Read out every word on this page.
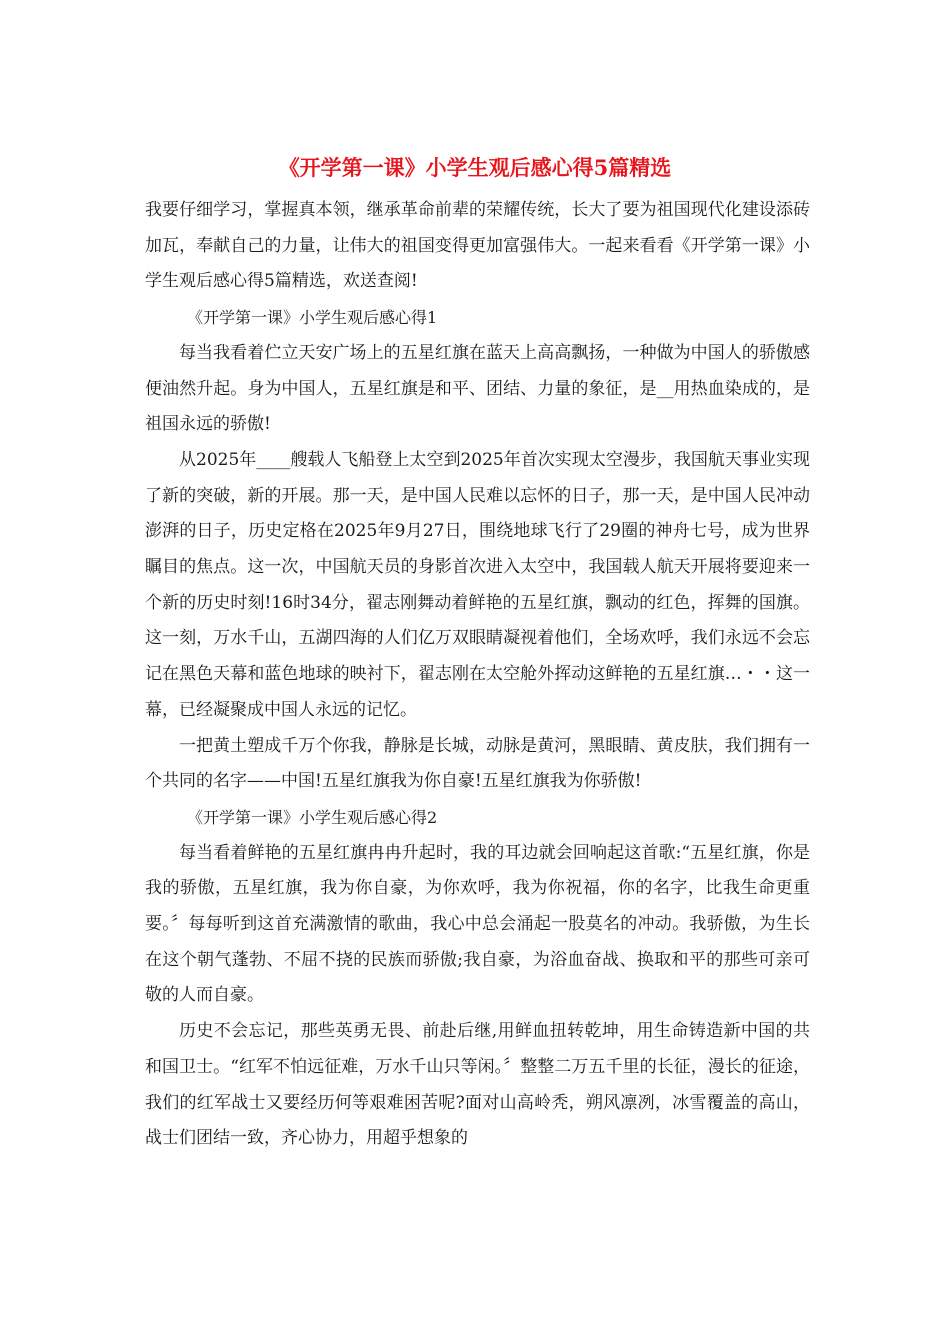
《开学第一课》小学生观后感心得5篇精选

我要仔细学习，掌握真本领，继承革命前辈的荣耀传统，长大了要为祖国现代化建设添砖加瓦，奉献自己的力量，让伟大的祖国变得更加富强伟大。一起来看看《开学第一课》小学生观后感心得5篇精选，欢送查阅!

《开学第一课》小学生观后感心得1

每当我看着伫立天安广场上的五星红旗在蓝天上高高飘扬，一种做为中国人的骄傲感便油然升起。身为中国人，五星红旗是和平、团结、力量的象征，是__用热血染成的，是祖国永远的骄傲!

从2025年____艘载人飞船登上太空到2025年首次实现太空漫步，我国航天事业实现了新的突破，新的开展。那一天，是中国人民难以忘怀的日子，那一天，是中国人民冲动澎湃的日子，历史定格在2025年9月27日，围绕地球飞行了29圈的神舟七号，成为世界瞩目的焦点。这一次，中国航天员的身影首次进入太空中，我国载人航天开展将要迎来一个新的历史时刻!16时34分，翟志刚舞动着鲜艳的五星红旗，飘动的红色，挥舞的国旗。这一刻，万水千山，五湖四海的人们亿万双眼睛凝视着他们，全场欢呼，我们永远不会忘记在黑色天幕和蓝色地球的映衬下，翟志刚在太空舱外挥动这鲜艳的五星红旗…・・这一幕，已经凝聚成中国人永远的记忆。

一把黄土塑成千万个你我，静脉是长城，动脉是黄河，黑眼睛、黄皮肤，我们拥有一个共同的名字——中国!五星红旗我为你自豪!五星红旗我为你骄傲!

《开学第一课》小学生观后感心得2

每当看着鲜艳的五星红旗冉冉升起时，我的耳边就会回响起这首歌:“五星红旗，你是我的骄傲，五星红旗，我为你自豪，为你欢呼，我为你祝福，你的名字，比我生命更重要。〞每每听到这首充满激情的歌曲，我心中总会涌起一股莫名的冲动。我骄傲，为生长在这个朝气蓬勃、不屈不挠的民族而骄傲;我自豪，为浴血奋战、换取和平的那些可亲可敬的人而自豪。

历史不会忘记，那些英勇无畏、前赴后继,用鲜血扭转乾坤，用生命铸造新中国的共和国卫士。“红军不怕远征难，万水千山只等闲。〞整整二万五千里的长征，漫长的征途，我们的红军战士又要经历何等艰难困苦呢?面对山高岭秃，朔风凛冽，冰雪覆盖的高山，战士们团结一致，齐心协力，用超乎想象的
